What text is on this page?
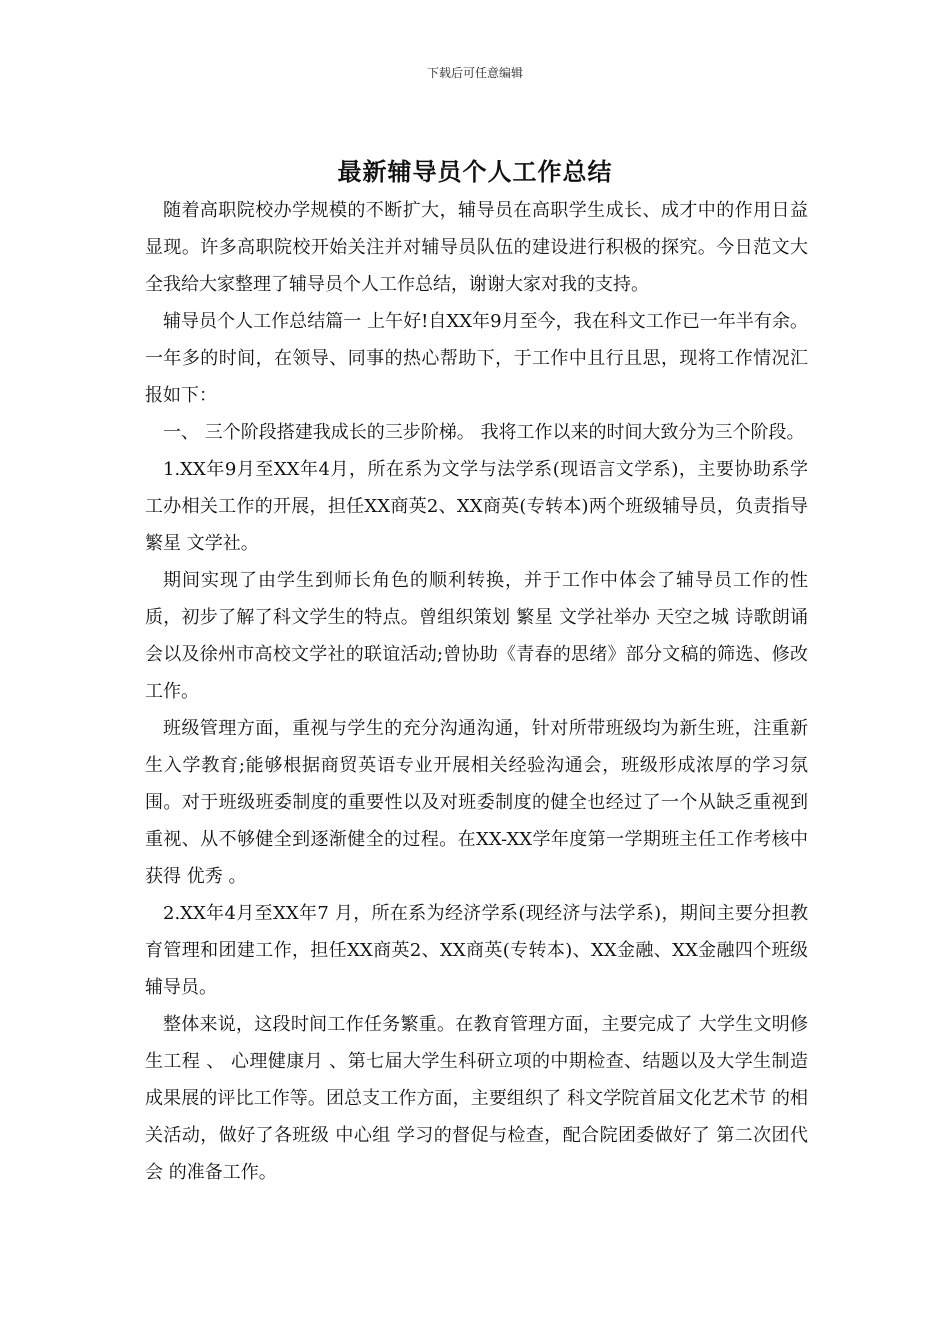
下载后可任意编辑
最新辅导员个人工作总结

随着高职院校办学规模的不断扩大，辅导员在高职学生成长、成才中的作用日益显现。许多高职院校开始关注并对辅导员队伍的建设进行积极的探究。今日范文大全我给大家整理了辅导员个人工作总结，谢谢大家对我的支持。

辅导员个人工作总结篇一 上午好!自XX年9月至今，我在科文工作已一年半有余。一年多的时间，在领导、同事的热心帮助下，于工作中且行且思，现将工作情况汇报如下：

一、 三个阶段搭建我成长的三步阶梯。 我将工作以来的时间大致分为三个阶段。

1.XX年9月至XX年4月，所在系为文学与法学系(现语言文学系)，主要协助系学工办相关工作的开展，担任XX商英2、XX商英(专转本)两个班级辅导员，负责指导 繁星 文学社。

期间实现了由学生到师长角色的顺利转换，并于工作中体会了辅导员工作的性质，初步了解了科文学生的特点。曾组织策划 繁星 文学社举办 天空之城 诗歌朗诵会以及徐州市高校文学社的联谊活动;曾协助《青春的思绪》部分文稿的筛选、修改工作。

班级管理方面，重视与学生的充分沟通沟通，针对所带班级均为新生班，注重新生入学教育;能够根据商贸英语专业开展相关经验沟通会，班级形成浓厚的学习氛围。对于班级班委制度的重要性以及对班委制度的健全也经过了一个从缺乏重视到重视、从不够健全到逐渐健全的过程。在XX-XX学年度第一学期班主任工作考核中获得 优秀 。

2.XX年4月至XX年7 月，所在系为经济学系(现经济与法学系)，期间主要分担教育管理和团建工作，担任XX商英2、XX商英(专转本)、XX金融、XX金融四个班级辅导员。

整体来说，这段时间工作任务繁重。在教育管理方面，主要完成了 大学生文明修生工程 、 心理健康月 、第七届大学生科研立项的中期检查、结题以及大学生制造成果展的评比工作等。团总支工作方面，主要组织了 科文学院首届文化艺术节 的相关活动，做好了各班级 中心组 学习的督促与检查，配合院团委做好了 第二次团代会 的准备工作。
